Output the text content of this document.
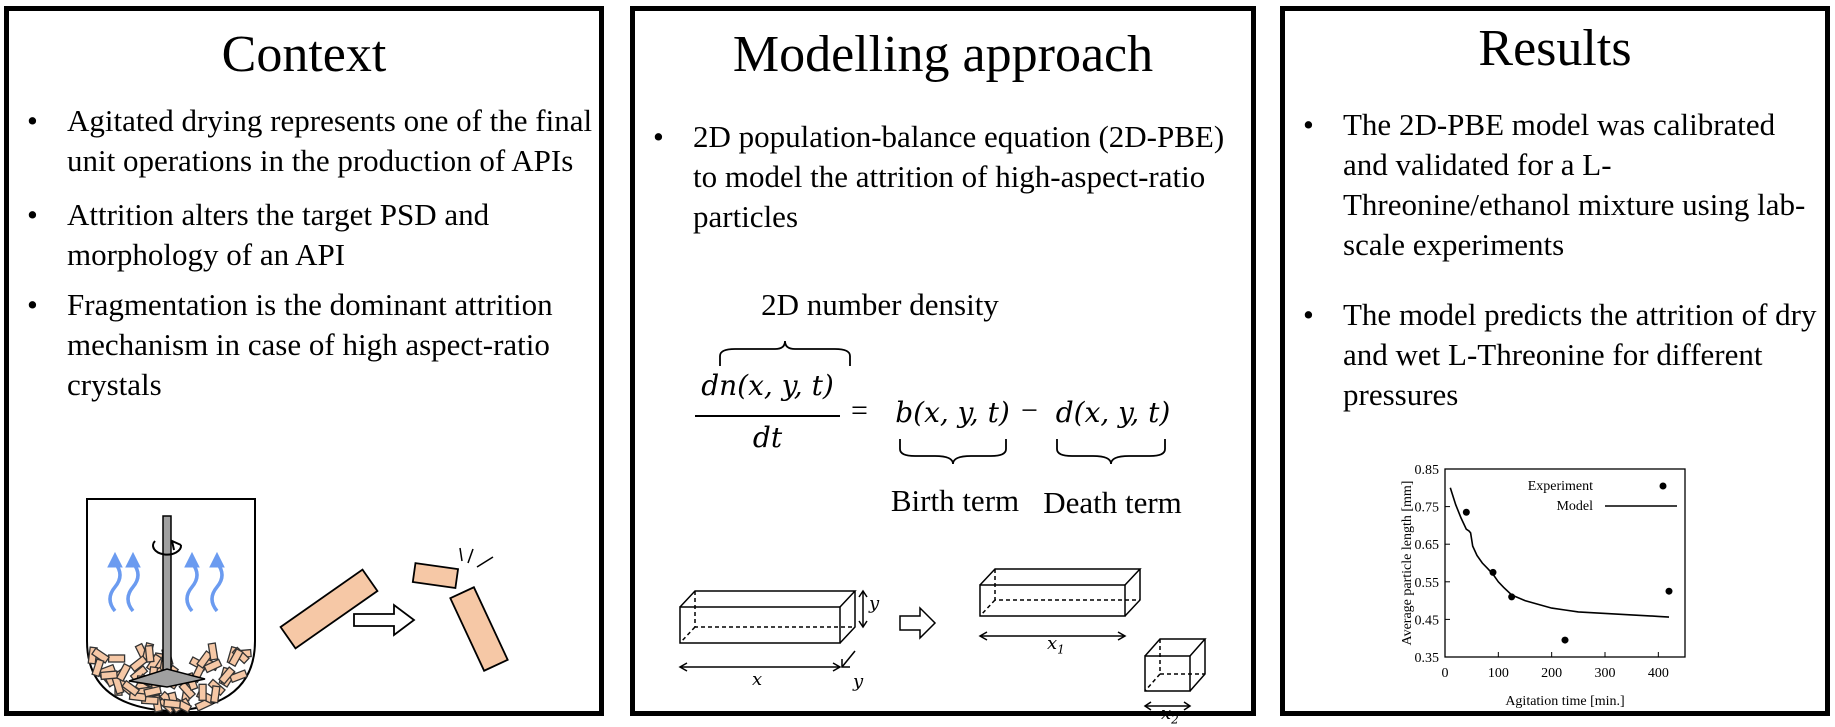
Context
• Agitated drying represents one of the final unit operations in the production of APIs
• Attrition alters the target PSD and morphology of an API
• Fragmentation is the dominant attrition mechanism in case of high aspect-ratio crystals
Modelling approach
• 2D population-balance equation (2D-PBE) to model the attrition of high-aspect-ratio particles
2D number density
dn(x, y, t)
dt
= b(x, y, t) − d(x, y, t)
Birth term Death term
x
y
y
$x_1$
$x_2$
Results
• The 2D-PBE model was calibrated and validated for a L-Threonine/ethanol mixture using lab-scale experiments
• The model predicts the attrition of dry and wet L-Threonine for different pressures
0.35
0.45
0.55
0.65
0.75
0.85
0	100 200 300 400
Experiment
Model
Agitation time [min.]
Average particle length [mm]
